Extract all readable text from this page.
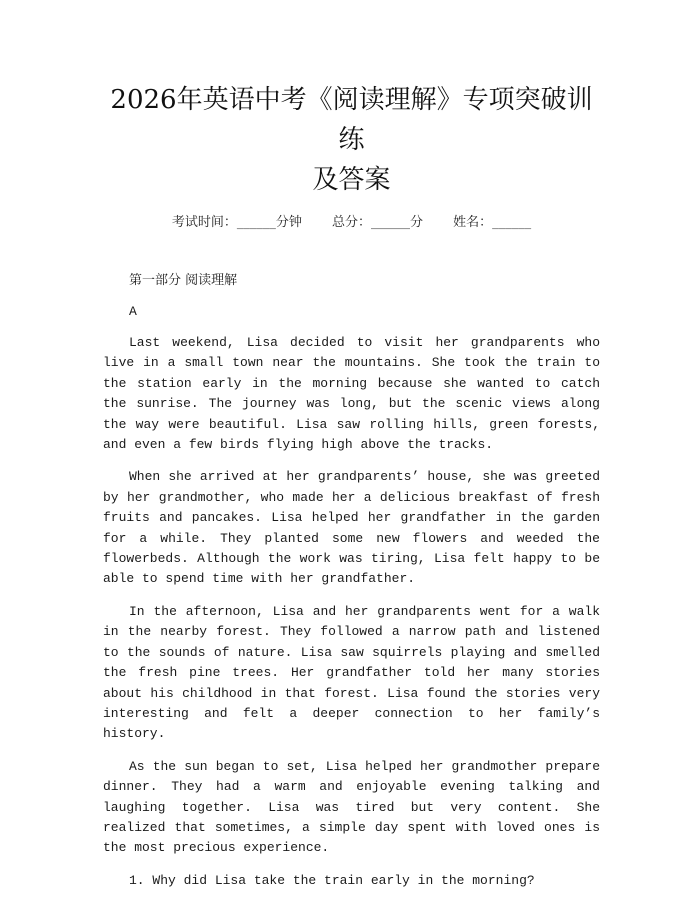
2026年英语中考《阅读理解》专项突破训练
及答案
考试时间：______分钟 总分：______分 姓名：______
第一部分 阅读理解
A

Last weekend, Lisa decided to visit her grandparents who live in a small town near the mountains. She took the train to the station early in the morning because she wanted to catch the sunrise. The journey was long, but the scenic views along the way were beautiful. Lisa saw rolling hills, green forests, and even a few birds flying high above the tracks.

When she arrived at her grandparents’ house, she was greeted by her grandmother, who made her a delicious breakfast of fresh fruits and pancakes. Lisa helped her grandfather in the garden for a while. They planted some new flowers and weeded the flowerbeds. Although the work was tiring, Lisa felt happy to be able to spend time with her grandfather.

In the afternoon, Lisa and her grandparents went for a walk in the nearby forest. They followed a narrow path and listened to the sounds of nature. Lisa saw squirrels playing and smelled the fresh pine trees. Her grandfather told her many stories about his childhood in that forest. Lisa found the stories very interesting and felt a deeper connection to her family’s history.

As the sun began to set, Lisa helped her grandmother prepare dinner. They had a warm and enjoyable evening talking and laughing together. Lisa was tired but very content. She realized that sometimes, a simple day spent with loved ones is the most precious experience.

1. Why did Lisa take the train early in the morning?
